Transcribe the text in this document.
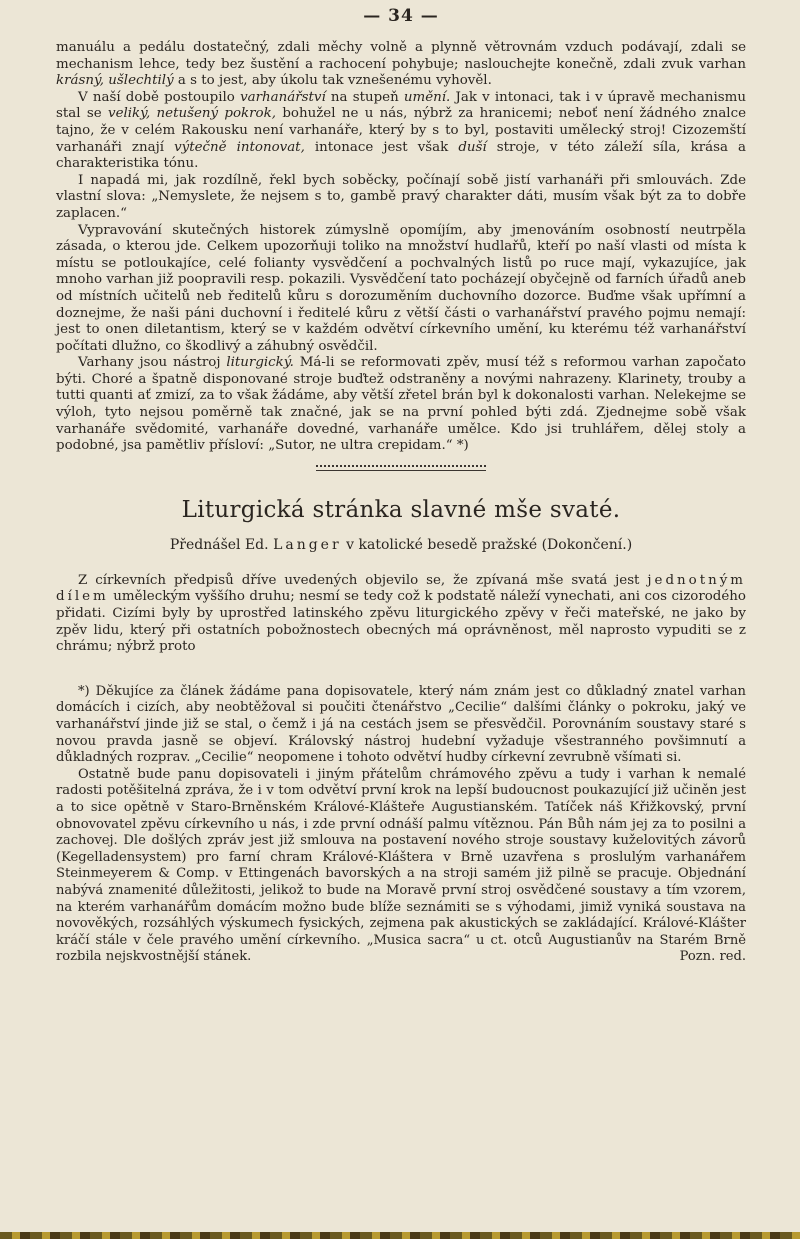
— 34 —

manuálu a pedálu dostatečný, zdali měchy volně a plynně větrovnám vzduch podávají, zdali se mechanism lehce, tedy bez šustění a rachocení pohybuje; naslouchejte konečně, zdali zvuk varhan krásný, ušlechtilý a s to jest, aby úkolu tak vznešenému vyhověl.

V naší době postoupilo varhanářství na stupeň umění. Jak v intonaci, tak i v úpravě mechanismu stal se veliký, netušený pokrok, bohužel ne u nás, nýbrž za hranicemi; neboť není žádného znalce tajno, že v celém Rakousku není varhanáře, který by s to byl, postaviti umělecký stroj! Cizozemští varhanáři znají výtečně intonovat, intonace jest však duší stroje, v této záleží síla, krása a charakteristika tónu.

I napadá mi, jak rozdílně, řekl bych soběcky, počínají sobě jistí varhanáři při smlouvách. Zde vlastní slova: „Nemyslete, že nejsem s to, gambě pravý charakter dáti, musím však být za to dobře zaplacen.“

Vypravování skutečných historek zúmyslně opomíjím, aby jmenováním osobností neutrpěla zásada, o kterou jde. Celkem upozorňuji toliko na množství hudlařů, kteří po naší vlasti od místa k místu se potloukajíce, celé folianty vysvědčení a pochvalných listů po ruce mají, vykazujíce, jak mnoho varhan již poopravili resp. pokazili. Vysvědčení tato pocházejí obyčejně od farních úřadů aneb od místních učitelů neb ředitelů kůru s dorozuměním duchovního dozorce. Buďme však upřímní a doznejme, že naši páni duchovní i ředitelé kůru z větší části o varhanářství pravého pojmu nemají: jest to onen diletantism, který se v každém odvětví církevního umění, ku kterému též varhanářství počítati dlužno, co škodlivý a záhubný osvědčil.

Varhany jsou nástroj liturgický. Má-li se reformovati zpěv, musí též s reformou varhan započato býti. Choré a špatně disponované stroje buďtež odstraněny a novými nahrazeny. Klarinety, trouby a tutti quanti ať zmizí, za to však žádáme, aby větší zřetel brán byl k dokonalosti varhan. Nelekejme se výloh, tyto nejsou poměrně tak značné, jak se na první pohled býti zdá. Zjednejme sobě však varhanáře svědomité, varhanáře dovedné, varhanáře umělce. Kdo jsi truhlářem, dělej stoly a podobné, jsa pamětliv přísloví: „Sutor, ne ultra crepidam.“ *)

Liturgická stránka slavné mše svaté.
Přednášel Ed. Langer v katolické besedě pražské (Dokončení.)

Z církevních předpisů dříve uvedených objevilo se, že zpívaná mše svatá jest jednotným dílem uměleckým vyššího druhu; nesmí se tedy což k podstatě náleží vynechati, ani cos cizorodého přidati. Cizími byly by uprostřed latinského zpěvu liturgického zpěvy v řeči mateřské, ne jako by zpěv lidu, který při ostatních pobožnostech obecných má oprávněnost, měl naprosto vypuditi se z chrámu; nýbrž proto

*) Děkujíce za článek žádáme pana dopisovatele, který nám znám jest co důkladný znatel varhan domácích i cizích, aby neobtěžoval si poučiti čtenářstvo „Cecilie“ dalšími články o pokroku, jaký ve varhanářství jinde již se stal, o čemž i já na cestách jsem se přesvědčil. Porovnáním soustavy staré s novou pravda jasně se objeví. Královský nástroj hudební vyžaduje všestranného povšimnutí a důkladných rozprav. „Cecilie“ neopomene i tohoto odvětví hudby církevní zevrubně všímati si.

Ostatně bude panu dopisovateli i jiným přátelům chrámového zpěvu a tudy i varhan k nemalé radosti potěšitelná zpráva, že i v tom odvětví první krok na lepší budoucnost poukazující již učiněn jest a to sice opětně v Staro-Brněnském Králové-Klášteře Augustianském. Tatíček náš Křižkovský, první obnovovatel zpěvu církevního u nás, i zde první odnáší palmu vítěznou. Pán Bůh nám jej za to posilni a zachovej. Dle došlých zpráv jest již smlouva na postavení nového stroje soustavy kuželovitých závorů (Kegelladensystem) pro farní chram Králové-Klášterа v Brně uzavřena s proslulým varhanářem Steinmeyerem & Comp. v Ettingenách bavorských a na stroji samém již pilně se pracuje. Objednání nabývá znamenité důležitosti, jelikož to bude na Moravě první stroj osvědčené soustavy a tím vzorem, na kterém varhanářům domácím možno bude blíže seznámiti se s výhodami, jimiž vyniká soustava na novověkých, rozsáhlých výskumech fysických, zejmena pak akustických se zakládající. Králové-Klášter kráčí stále v čele pravého umění církevního. „Musica sacra“ u ct. otců Augustianův na Starém Brně rozbila nejskvostnější stánek.	Pozn. red.
